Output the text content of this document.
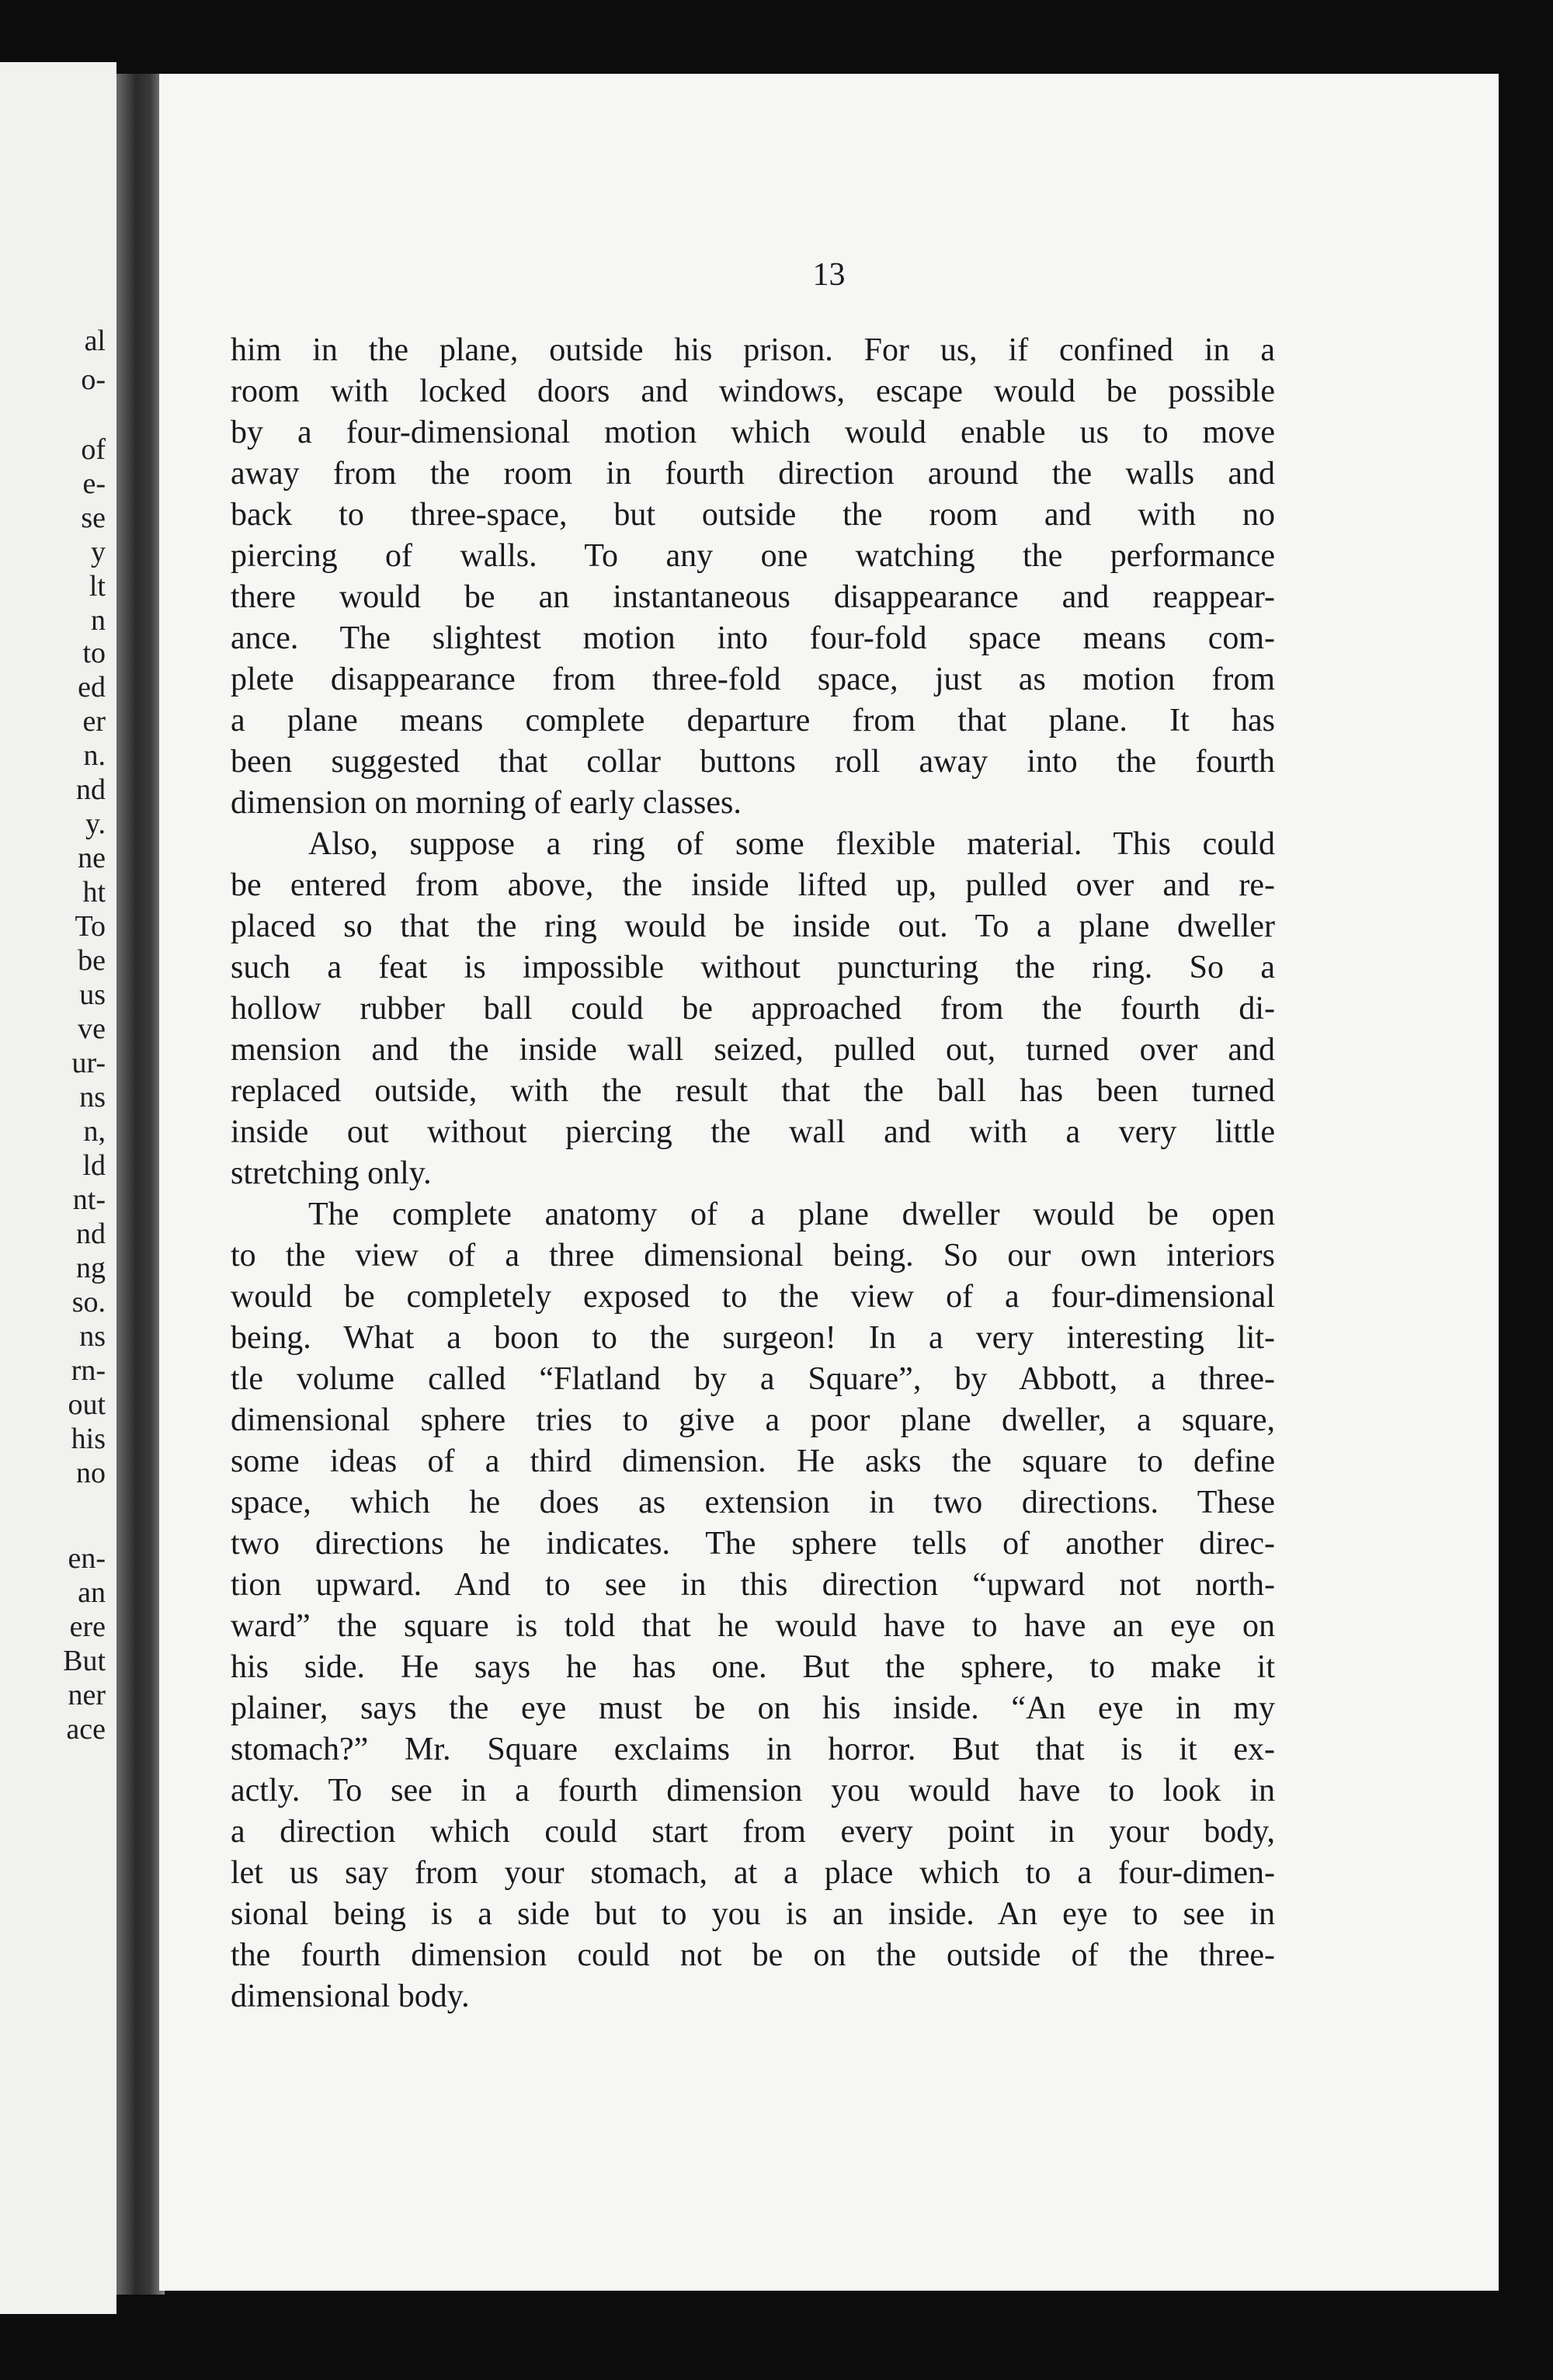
al
o-
of
e-
se
y
lt
n
to
ed
er
n.
nd
y.
ne
ht
To
be
us
ve
ur-
ns
n,
ld
nt-
nd
ng
so.
ns
rn-
out
his
no
en-
an
ere
But
ner
ace
13

him in the plane, outside his prison. For us, if confined in a
room with locked doors and windows, escape would be possible
by a four-dimensional motion which would enable us to move
away from the room in fourth direction around the walls and
back to three-space, but outside the room and with no
piercing of walls. To any one watching the performance
there would be an instantaneous disappearance and reappear-
ance. The slightest motion into four-fold space means com-
plete disappearance from three-fold space, just as motion from
a plane means complete departure from that plane. It has
been suggested that collar buttons roll away into the fourth
dimension on morning of early classes.

Also, suppose a ring of some flexible material. This could
be entered from above, the inside lifted up, pulled over and re-
placed so that the ring would be inside out. To a plane dweller
such a feat is impossible without puncturing the ring. So a
hollow rubber ball could be approached from the fourth di-
mension and the inside wall seized, pulled out, turned over and
replaced outside, with the result that the ball has been turned
inside out without piercing the wall and with a very little
stretching only.

The complete anatomy of a plane dweller would be open
to the view of a three dimensional being. So our own interiors
would be completely exposed to the view of a four-dimensional
being. What a boon to the surgeon! In a very interesting lit-
tle volume called “Flatland by a Square”, by Abbott, a three-
dimensional sphere tries to give a poor plane dweller, a square,
some ideas of a third dimension. He asks the square to define
space, which he does as extension in two directions. These
two directions he indicates. The sphere tells of another direc-
tion upward. And to see in this direction “upward not north-
ward” the square is told that he would have to have an eye on
his side. He says he has one. But the sphere, to make it
plainer, says the eye must be on his inside. “An eye in my
stomach?” Mr. Square exclaims in horror. But that is it ex-
actly. To see in a fourth dimension you would have to look in
a direction which could start from every point in your body,
let us say from your stomach, at a place which to a four-dimen-
sional being is a side but to you is an inside. An eye to see in
the fourth dimension could not be on the outside of the three-
dimensional body.
